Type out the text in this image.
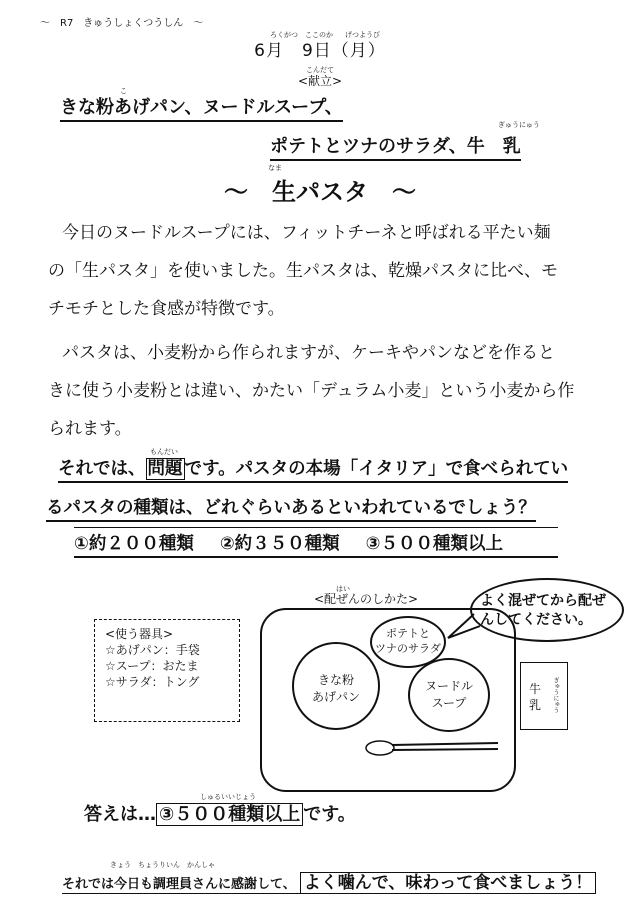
～　R7　きゅうしょくつうしん　～
ろくがつ　ここのか げつようび
6月　9日（月）
こんだて
<献立>
こ
きな粉あげパン、ヌードルスープ、
ぎゅうにゅう
ポテトとツナのサラダ、牛　乳
なま
～　生パスタ　～
今日のヌードルスープには、フィットチーネと呼ばれる平たい麺
の「生パスタ」を使いました。生パスタは、乾燥パスタに比べ、モ
チモチとした食感が特徴です。
パスタは、小麦粉から作られますが、ケーキやパンなどを作ると
きに使う小麦粉とは違い、かたい「デュラム小麦」という小麦から作
られます。
もんだい
それでは、 問題 です。パスタの本場「イタリア」で食べられてい
るパスタの種類は、どれぐらいあるといわれているでしょう？
①約２００種類 ②約３５０種類 ③５００種類以上
はい
<配ぜんのしかた>
<使う器具>
☆あげパン：手袋
☆スープ：おたま
☆サラダ：トング	きな粉
あげパン
ポテトと
ツナのサラダ
ヌードル
スープ
よく混ぜてから配ぜんしてください。
牛
乳 ぎゅうにゅう
しゅるいいじょう
答えは… ③５００種類以上 です。
きょう　ちょうりいん　かんしゃ
それでは今日も調理員さんに感謝して、 よく噛んで、味わって食べましょう！
